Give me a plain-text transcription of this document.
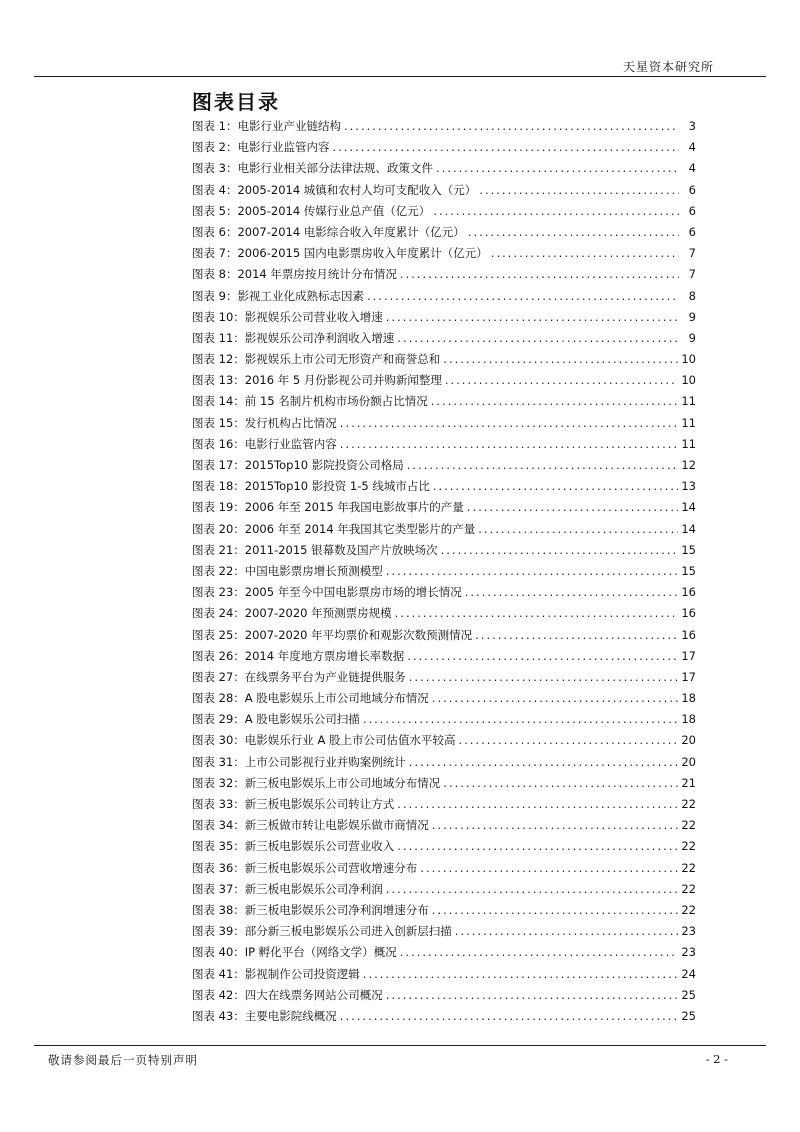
天星资本研究所
图表目录
图表 1：电影行业产业链结构 .....	3
图表 2：电影行业监管内容 .....	4
图表 3：电影行业相关部分法律法规、政策文件 .....	4
图表 4：2005-2014 城镇和农村人均可支配收入（元） .....	6
图表 5：2005-2014 传媒行业总产值（亿元） .....	6
图表 6：2007-2014 电影综合收入年度累计（亿元） .....	6
图表 7：2006-2015 国内电影票房收入年度累计（亿元） .....	7
图表 8：2014 年票房按月统计分布情况 .....	7
图表 9：影视工业化成熟标志因素 .....	8
图表 10：影视娱乐公司营业收入增速 .....	9
图表 11：影视娱乐公司净利润收入增速 .....	9
图表 12：影视娱乐上市公司无形资产和商誉总和 .....	10
图表 13：2016 年 5 月份影视公司并购新闻整理 .....	10
图表 14：前 15 名制片机构市场份额占比情况 .....	11
图表 15：发行机构占比情况 .....	11
图表 16：电影行业监管内容 .....	11
图表 17：2015Top10 影院投资公司格局 .....	12
图表 18：2015Top10 影投资 1-5 线城市占比 .....	13
图表 19：2006 年至 2015 年我国电影故事片的产量 .....	14
图表 20：2006 年至 2014 年我国其它类型影片的产量 .....	14
图表 21：2011-2015 银幕数及国产片放映场次 .....	15
图表 22：中国电影票房增长预测模型 .....	15
图表 23：2005 年至今中国电影票房市场的增长情况 .....	16
图表 24：2007-2020 年预测票房规模 .....	16
图表 25：2007-2020 年平均票价和观影次数预测情况 .....	16
图表 26：2014 年度地方票房增长率数据 .....	17
图表 27：在线票务平台为产业链提供服务 .....	17
图表 28：A 股电影娱乐上市公司地域分布情况 .....	18
图表 29：A 股电影娱乐公司扫描 .....	18
图表 30：电影娱乐行业 A 股上市公司估值水平较高 .....	20
图表 31：上市公司影视行业并购案例统计 .....	20
图表 32：新三板电影娱乐上市公司地域分布情况 .....	21
图表 33：新三板电影娱乐公司转让方式 .....	22
图表 34：新三板做市转让电影娱乐做市商情况 .....	22
图表 35：新三板电影娱乐公司营业收入 .....	22
图表 36：新三板电影娱乐公司营收增速分布 .....	22
图表 37：新三板电影娱乐公司净利润 .....	22
图表 38：新三板电影娱乐公司净利润增速分布 .....	22
图表 39：部分新三板电影娱乐公司进入创新层扫描 .....	23
图表 40：IP 孵化平台（网络文学）概况 .....	23
图表 41：影视制作公司投资逻辑 .....	24
图表 42：四大在线票务网站公司概况 .....	25
图表 43：主要电影院线概况 .....	25
敬请参阅最后一页特别声明	- 2 -
